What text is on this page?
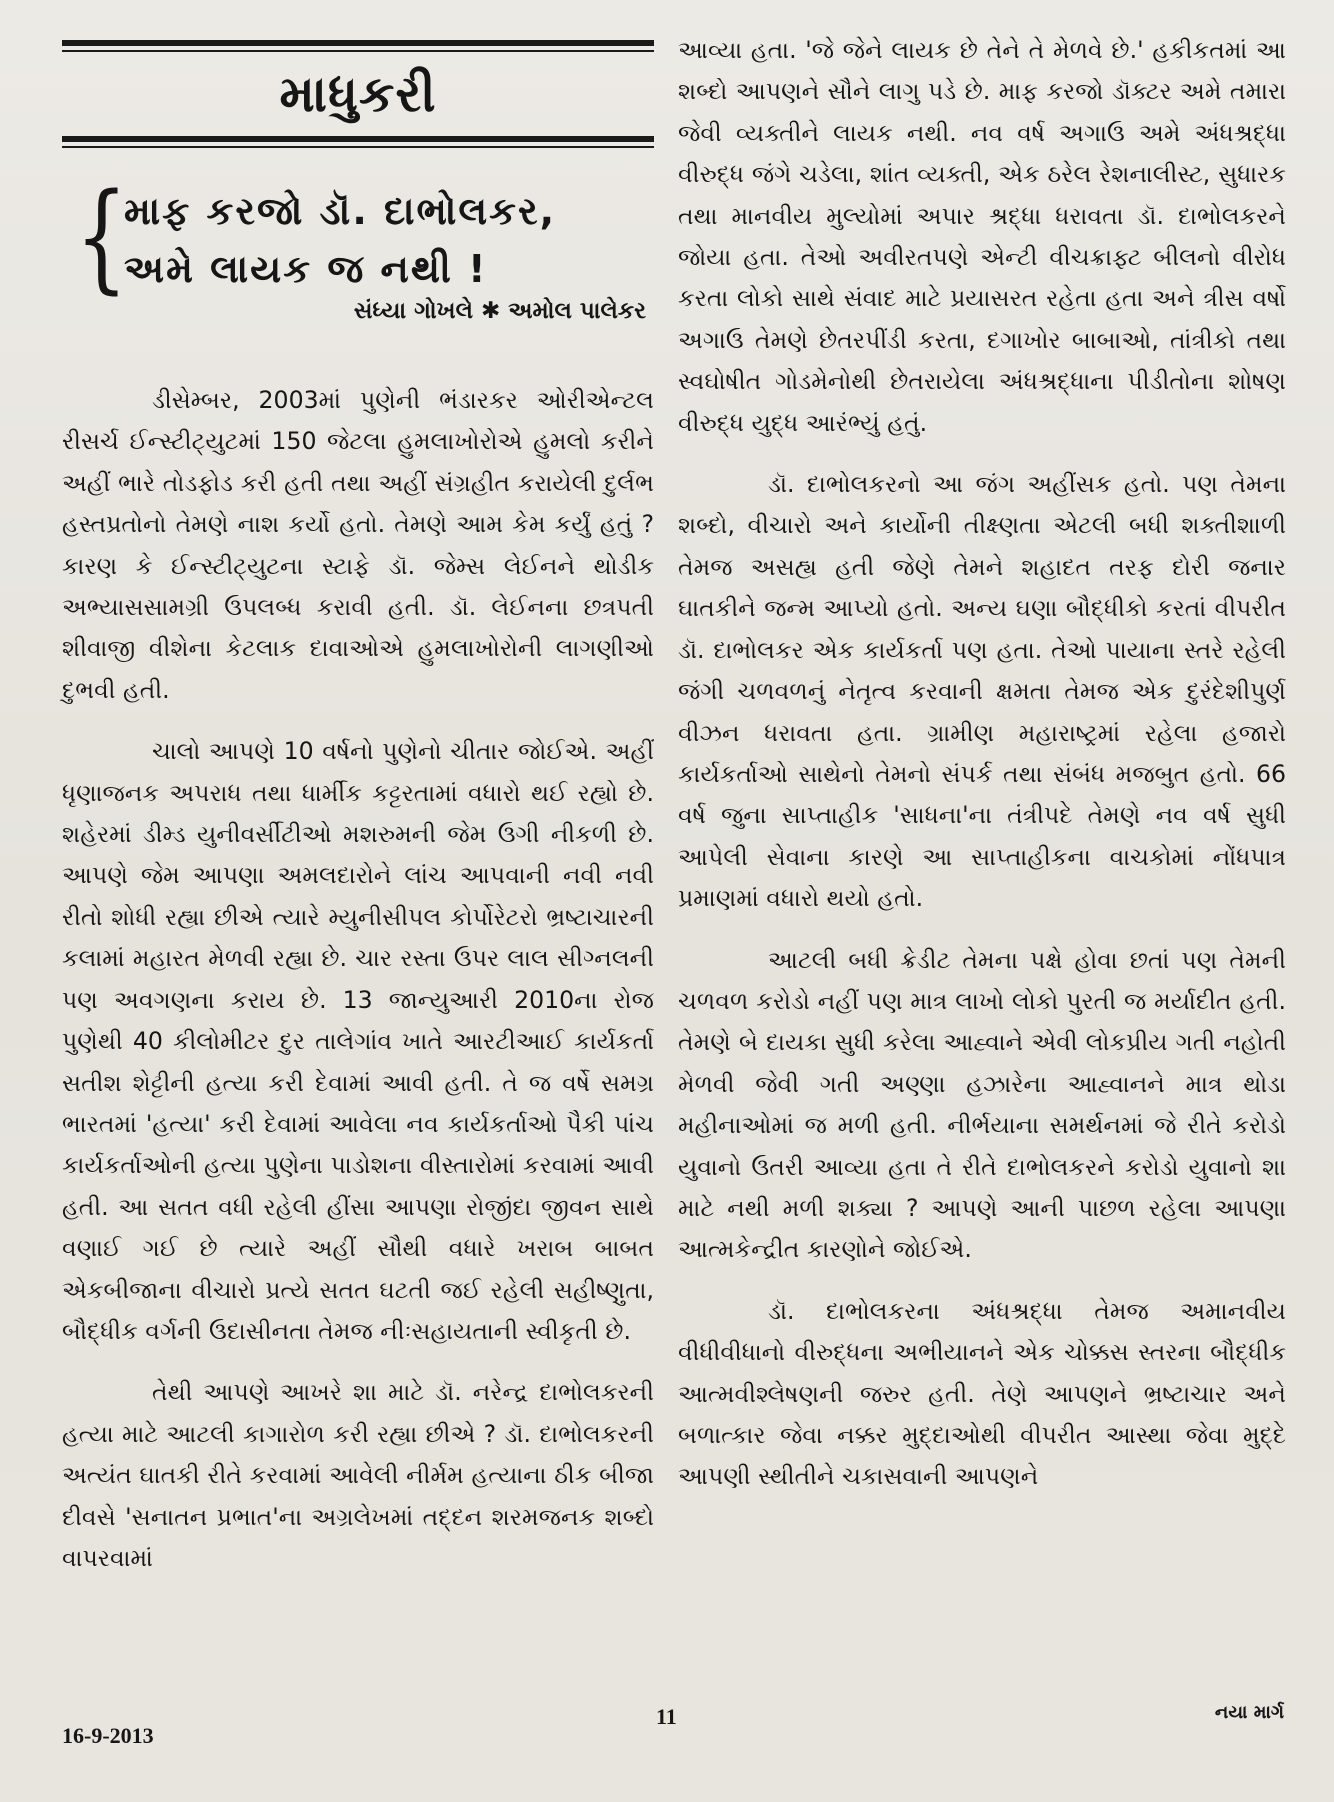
માધુકરી
{
માફ કરજો ડૉ. દાભોલકર,
અમે લાયક જ નથી !
સંધ્યા ગોખલે ✱ અમોલ પાલેકર

ડીસેમ્બર, 2003માં પુણેની ભંડારકર ઓરીએન્ટલ રીસર્ચ ઈન્સ્ટીટ્યુટમાં 150 જેટલા હુમલાખોરોએ હુમલો કરીને અહીં ભારે તોડફોડ કરી હતી તથા અહીં સંગ્રહીત કરાયેલી દુર્લભ હસ્તપ્રતોનો તેમણે નાશ કર્યો હતો. તેમણે આમ કેમ કર્યું હતું ? કારણ કે ઈન્સ્ટીટ્યુટના સ્ટાફે ડૉ. જેમ્સ લેઈનને થોડીક અભ્યાસસામગ્રી ઉપલબ્ધ કરાવી હતી. ડૉ. લેઈનના છત્રપતી શીવાજી વીશેના કેટલાક દાવાઓએ હુમલાખોરોની લાગણીઓ દુભવી હતી.

ચાલો આપણે 10 વર્ષનો પુણેનો ચીતાર જોઈએ. અહીં ધૃણાજનક અપરાધ તથા ધાર્મીક કટ્ટરતામાં વધારો થઈ રહ્યો છે. શહેરમાં ડીમ્ડ યુનીવર્સીટીઓ મશરુમની જેમ ઉગી નીકળી છે. આપણે જેમ આપણા અમલદારોને લાંચ આપવાની નવી નવી રીતો શોધી રહ્યા છીએ ત્યારે મ્યુનીસીપલ કોર્પોરેટરો ભ્રષ્ટાચારની કલામાં મહારત મેળવી રહ્યા છે. ચાર રસ્તા ઉપર લાલ સીગ્નલની પણ અવગણના કરાય છે. 13 જાન્યુઆરી 2010ના રોજ પુણેથી 40 કીલોમીટર દુર તાલેગાંવ ખાતે આરટીઆઈ કાર્યકર્તા સતીશ શેટ્ટીની હત્યા કરી દેવામાં આવી હતી. તે જ વર્ષે સમગ્ર ભારતમાં 'હત્યા' કરી દેવામાં આવેલા નવ કાર્યકર્તાઓ પૈકી પાંચ કાર્યકર્તાઓની હત્યા પુણેના પાડોશના વીસ્તારોમાં કરવામાં આવી હતી. આ સતત વધી રહેલી હીંસા આપણા રોજીંદા જીવન સાથે વણાઈ ગઈ છે ત્યારે અહીં સૌથી વધારે ખરાબ બાબત એકબીજાના વીચારો પ્રત્યે સતત ઘટતી જઈ રહેલી સહીષ્ણુતા, બૌદ્ધીક વર્ગની ઉદાસીનતા તેમજ નીઃસહાયતાની સ્વીકૃતી છે.

તેથી આપણે આખરે શા માટે ડૉ. નરેન્દ્ર દાભોલકરની હત્યા માટે આટલી કાગારોળ કરી રહ્યા છીએ ? ડૉ. દાભોલકરની અત્યંત ઘાતકી રીતે કરવામાં આવેલી નીર્મમ હત્યાના ઠીક બીજા દીવસે 'સનાતન પ્રભાત'ના અગ્રલેખમાં તદ્દન શરમજનક શબ્દો વાપરવામાં

આવ્યા હતા. 'જે જેને લાયક છે તેને તે મેળવે છે.' હકીકતમાં આ શબ્દો આપણને સૌને લાગુ પડે છે. માફ કરજો ડૉક્ટર અમે તમારા જેવી વ્યક્તીને લાયક નથી. નવ વર્ષ અગાઉ અમે અંધશ્રદ્ધા વીરુદ્ધ જંગે ચડેલા, શાંત વ્યક્તી, એક ઠરેલ રેશનાલીસ્ટ, સુધારક તથા માનવીય મુલ્યોમાં અપાર શ્રદ્ધા ધરાવતા ડૉ. દાભોલકરને જોયા હતા. તેઓ અવીરતપણે એન્ટી વીચક્રાફ્ટ બીલનો વીરોધ કરતા લોકો સાથે સંવાદ માટે પ્રયાસરત રહેતા હતા અને ત્રીસ વર્ષો અગાઉ તેમણે છેતરપીંડી કરતા, દગાખોર બાબાઓ, તાંત્રીકો તથા સ્વઘોષીત ગોડમેનોથી છેતરાયેલા અંધશ્રદ્ધાના પીડીતોના શોષણ વીરુદ્ધ યુદ્ધ આરંભ્યું હતું.

ડૉ. દાભોલકરનો આ જંગ અહીંસક હતો. પણ તેમના શબ્દો, વીચારો અને કાર્યોની તીક્ષ્ણતા એટલી બધી શક્તીશાળી તેમજ અસહ્ય હતી જેણે તેમને શહાદત તરફ દોરી જનાર ઘાતકીને જન્મ આપ્યો હતો. અન્ય ઘણા બૌદ્ધીકો કરતાં વીપરીત ડૉ. દાભોલકર એક કાર્યકર્તા પણ હતા. તેઓ પાયાના સ્તરે રહેલી જંગી ચળવળનું નેતૃત્વ કરવાની ક્ષમતા તેમજ એક દુરંદેશીપુર્ણ વીઝન ધરાવતા હતા. ગ્રામીણ મહારાષ્ટ્રમાં રહેલા હજારો કાર્યકર્તાઓ સાથેનો તેમનો સંપર્ક તથા સંબંધ મજબુત હતો. 66 વર્ષ જુના સાપ્તાહીક 'સાધના'ના તંત્રીપદે તેમણે નવ વર્ષ સુધી આપેલી સેવાના કારણે આ સાપ્તાહીકના વાચકોમાં નોંધપાત્ર પ્રમાણમાં વધારો થયો હતો.

આટલી બધી ક્રેડીટ તેમના પક્ષે હોવા છતાં પણ તેમની ચળવળ કરોડો નહીં પણ માત્ર લાખો લોકો પુરતી જ મર્યાદીત હતી. તેમણે બે દાયકા સુધી કરેલા આહ્વાને એવી લોકપ્રીય ગતી નહોતી મેળવી જેવી ગતી અણ્ણા હઝારેના આહ્વાનને માત્ર થોડા મહીનાઓમાં જ મળી હતી. નીર્ભયાના સમર્થનમાં જે રીતે કરોડો યુવાનો ઉતરી આવ્યા હતા તે રીતે દાભોલકરને કરોડો યુવાનો શા માટે નથી મળી શક્યા ? આપણે આની પાછળ રહેલા આપણા આત્મકેન્દ્રીત કારણોને જોઈએ.

ડૉ. દાભોલકરના અંધશ્રદ્ધા તેમજ અમાનવીય વીધીવીધાનો વીરુદ્ધના અભીયાનને એક ચોક્કસ સ્તરના બૌદ્ધીક આત્મવીશ્લેષણની જરુર હતી. તેણે આપણને ભ્રષ્ટાચાર અને બળાત્કાર જેવા નક્કર મુદ્દાઓથી વીપરીત આસ્થા જેવા મુદ્દે આપણી સ્થીતીને ચકાસવાની આપણને

16-9-2013
11	નયા માર્ગ
